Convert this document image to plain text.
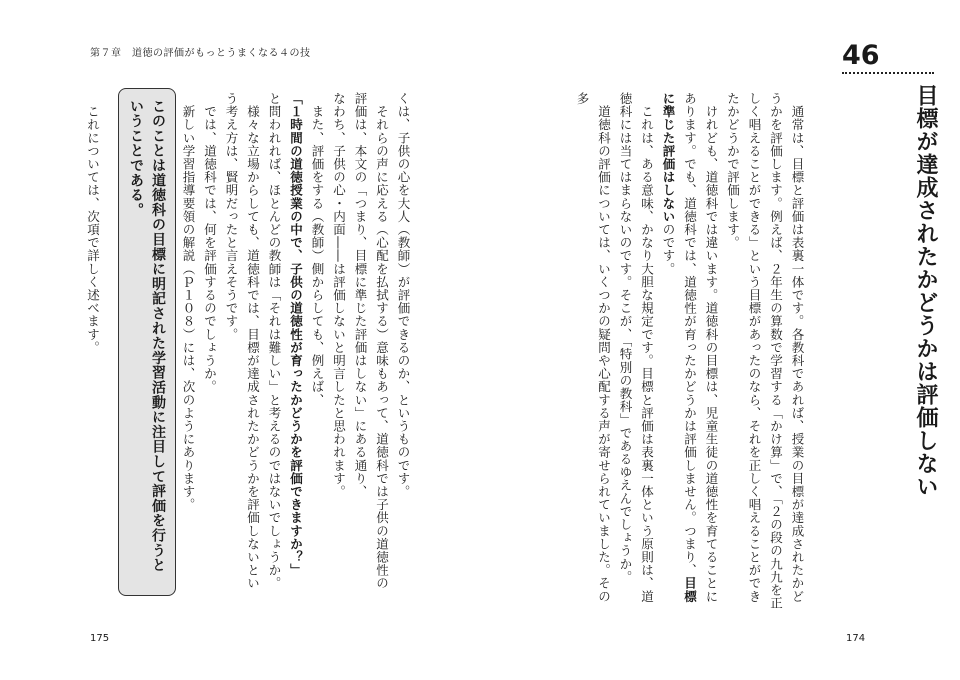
46
目標が達成されたかどうかは評価しない

　通常は、目標と評価は表裏一体です。各教科であれば、授業の目標が達成されたかどうかを評価します。例えば、２年生の算数で学習する「かけ算」で、「２の段の九九を正しく唱えることができる」という目標があったのなら、それを正しく唱えることができたかどうかで評価します。

　けれども、道徳科では違います。道徳科の目標は、児童生徒の道徳性を育てることにあります。でも、道徳科では、道徳性が育ったかどうかは評価しません。つまり、目標に準じた評価はしないのです。

　これは、ある意味、かなり大胆な規定です。目標と評価は表裏一体という原則は、道徳科には当てはまらないのです。そこが、「特別の教科」であるゆえんでしょうか。

　道徳科の評価については、いくつかの疑問や心配する声が寄せられていました。その多

174
第７章　道徳の評価がもっとうまくなる４の技

くは、子供の心を大人（教師）が評価できるのか、というものです。

　それらの声に応える（心配を払拭する）意味もあって、道徳科では子供の道徳性の評価は、本文の「つまり、目標に準じた評価はしない」にある通り、

なわち、子供の心・内面――は評価しないと明言したと思われます。

　また、評価をする（教師）側からしても、例えば、

「１時間の道徳授業の中で、子供の道徳性が育ったかどうかを評価できますか？」

と問われれば、ほとんどの教師は「それは難しい」と考えるのではないでしょうか。

　様々な立場からしても、道徳科では、目標が達成されたかどうかを評価しないという考え方は、賢明だったと言えそうです。

　では、道徳科では、何を評価するのでしょうか。

　新しい学習指導要領の解説（ｐ１０８）には、次のようにあります。

このことは道徳科の目標に明記された学習活動に注目して評価を行うということである。
　これについては、次項で詳しく述べます。
175
